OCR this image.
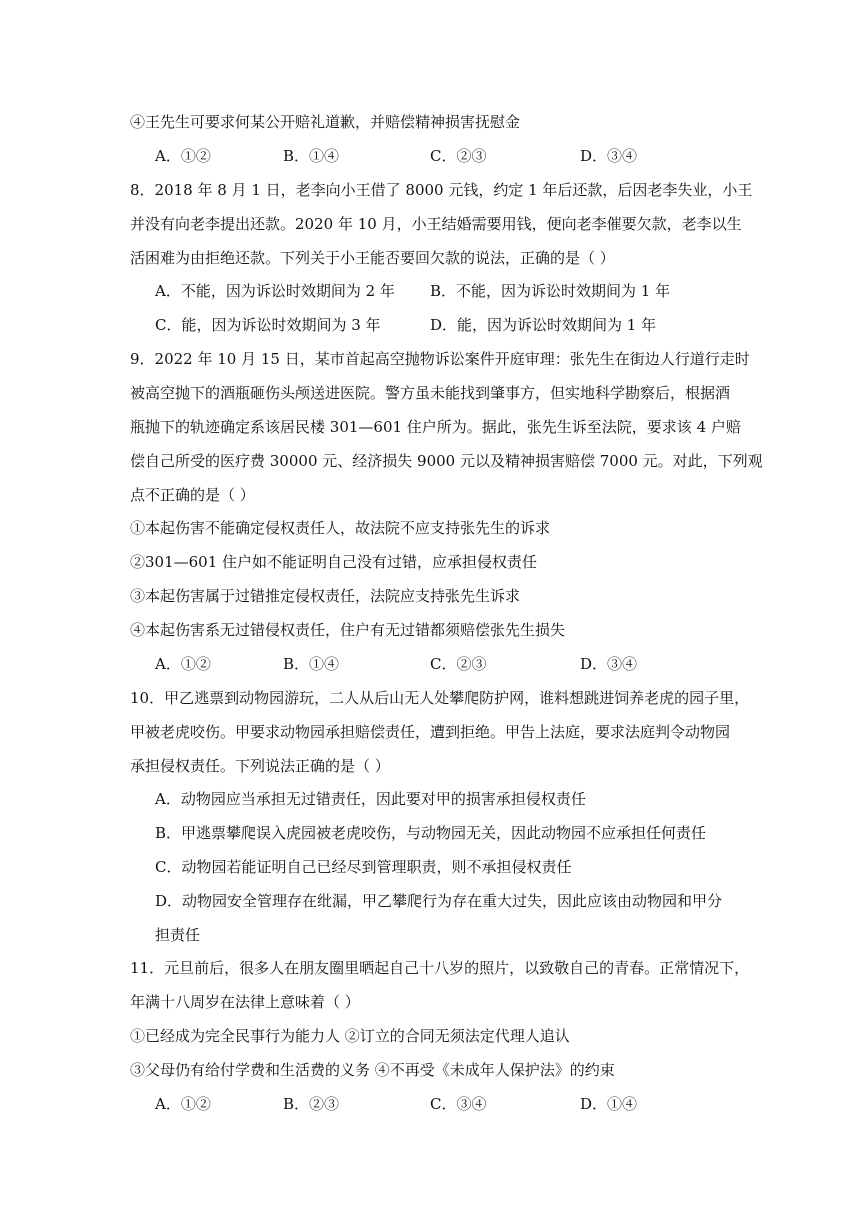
④王先生可要求何某公开赔礼道歉，并赔偿精神损害抚慰金
A．①②	B．①④	C．②③	D．③④
8．2018 年 8 月 1 日，老李向小王借了 8000 元钱，约定 1 年后还款，后因老李失业，小王
并没有向老李提出还款。2020 年 10 月，小王结婚需要用钱，便向老李催要欠款，老李以生
活困难为由拒绝还款。下列关于小王能否要回欠款的说法，正确的是（ ）
A．不能，因为诉讼时效期间为 2 年 B．不能，因为诉讼时效期间为 1 年
C．能，因为诉讼时效期间为 3 年	D．能，因为诉讼时效期间为 1 年
9．2022 年 10 月 15 日，某市首起高空抛物诉讼案件开庭审理：张先生在街边人行道行走时
被高空抛下的酒瓶砸伤头颅送进医院。警方虽未能找到肇事方，但实地科学勘察后，根据酒
瓶抛下的轨迹确定系该居民楼 301—601 住户所为。据此，张先生诉至法院，要求该 4 户赔
偿自己所受的医疗费 30000 元、经济损失 9000 元以及精神损害赔偿 7000 元。对此，下列观
点不正确的是（ ）
①本起伤害不能确定侵权责任人，故法院不应支持张先生的诉求
②301—601 住户如不能证明自己没有过错，应承担侵权责任
③本起伤害属于过错推定侵权责任，法院应支持张先生诉求
④本起伤害系无过错侵权责任，住户有无过错都须赔偿张先生损失
A．①②	B．①④	C．②③	D．③④
10．甲乙逃票到动物园游玩，二人从后山无人处攀爬防护网，谁料想跳进饲养老虎的园子里，
甲被老虎咬伤。甲要求动物园承担赔偿责任，遭到拒绝。甲告上法庭，要求法庭判令动物园
承担侵权责任。下列说法正确的是（ ）
A．动物园应当承担无过错责任，因此要对甲的损害承担侵权责任
B．甲逃票攀爬误入虎园被老虎咬伤，与动物园无关，因此动物园不应承担任何责任
C．动物园若能证明自己已经尽到管理职责，则不承担侵权责任
D．动物园安全管理存在纰漏，甲乙攀爬行为存在重大过失，因此应该由动物园和甲分
担责任
11．元旦前后，很多人在朋友圈里晒起自己十八岁的照片，以致敬自己的青春。正常情况下，
年满十八周岁在法律上意味着（ ）
①已经成为完全民事行为能力人 ②订立的合同无须法定代理人追认
③父母仍有给付学费和生活费的义务 ④不再受《未成年人保护法》的约束
A．①②	B．②③	C．③④	D．①④
